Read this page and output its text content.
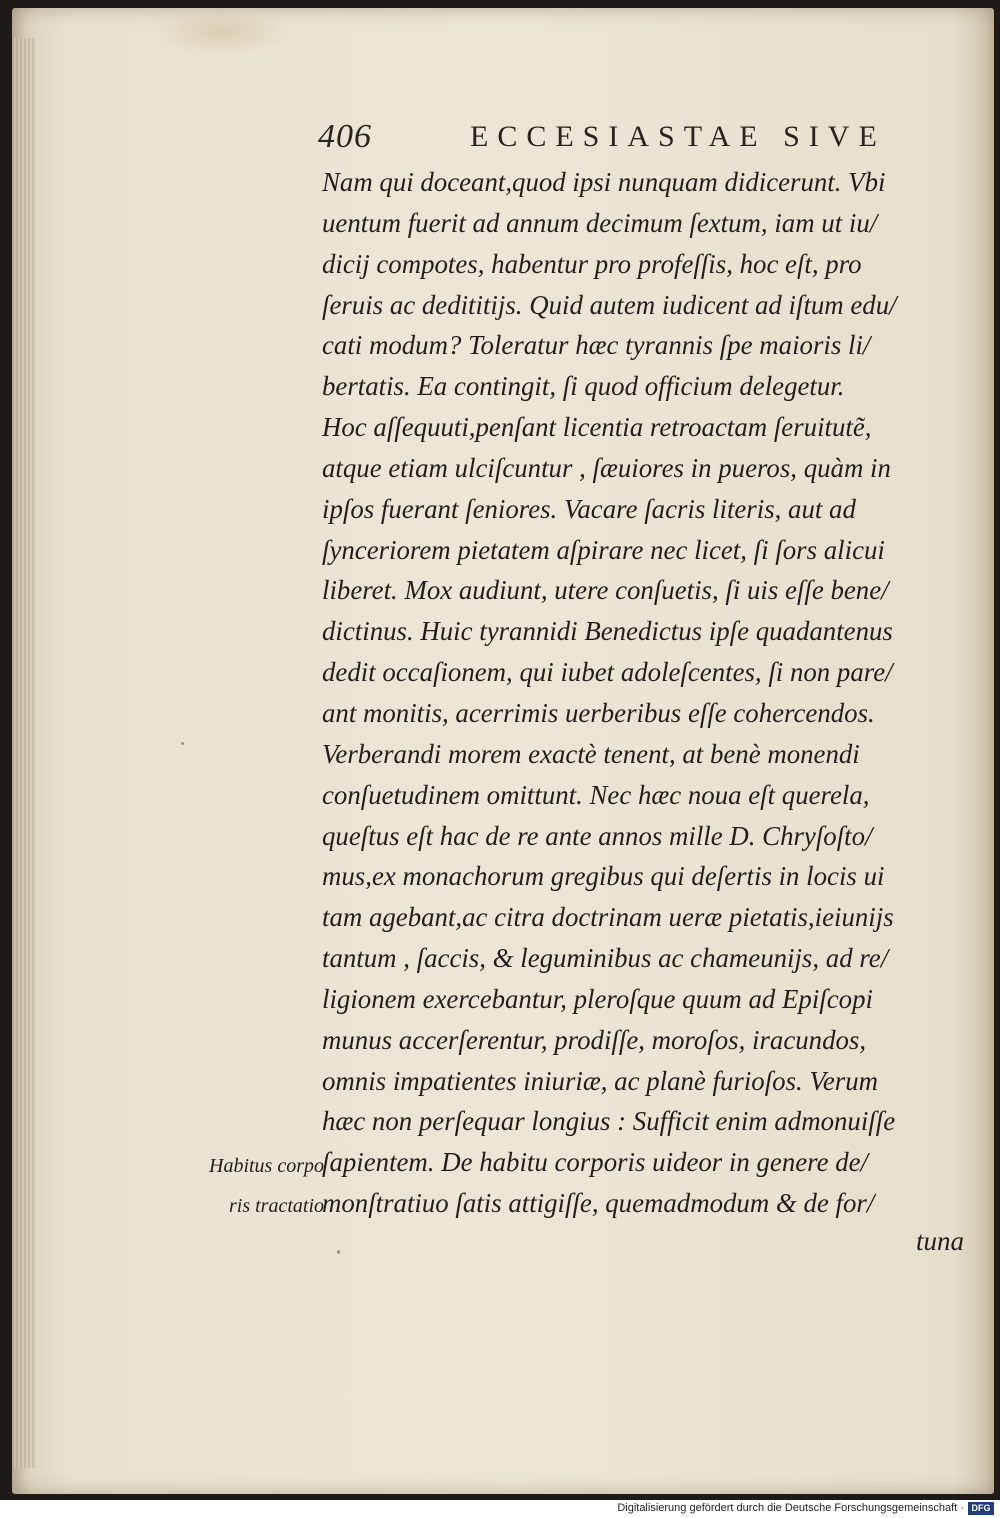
406	ECCESIASTAE SIVE
Nam qui doceant,quod ipsi nunquam didicerunt. Vbi
uentum fuerit ad annum decimum ſextum, iam ut iu/
dicij compotes, habentur pro profeſſis, hoc eſt, pro
ſeruis ac dedititijs. Quid autem iudicent ad iſtum edu/
cati modum? Toleratur hæc tyrannis ſpe maioris li/
bertatis. Ea contingit, ſi quod officium delegetur.
Hoc aſſequuti,penſant licentia retroactam ſeruitutẽ,
atque etiam ulciſcuntur , ſæuiores in pueros, quàm in
ipſos fuerant ſeniores. Vacare ſacris literis, aut ad
ſynceriorem pietatem aſpirare nec licet, ſi ſors alicui
liberet. Mox audiunt, utere conſuetis, ſi uis eſſe bene/
dictinus. Huic tyrannidi Benedictus ipſe quadantenus
dedit occaſionem, qui iubet adoleſcentes, ſi non pare/
ant monitis, acerrimis uerberibus eſſe cohercendos.
Verberandi morem exactè tenent, at benè monendi
conſuetudinem omittunt. Nec hæc noua eſt querela,
queſtus eſt hac de re ante annos mille D. Chryſoſto/
mus,ex monachorum gregibus qui deſertis in locis ui
tam agebant,ac citra doctrinam ueræ pietatis,ieiunijs
tantum , ſaccis, & leguminibus ac chameunijs, ad re/
ligionem exercebantur, pleroſque quum ad Epiſcopi
munus accerſerentur, prodiſſe, moroſos, iracundos,
omnis impatientes iniuriæ, ac planè furioſos. Verum
hæc non perſequar longius : Sufficit enim admonuiſſe
ſapientem. De habitu corporis uideor in genere de/
monſtratiuo ſatis attigiſſe, quemadmodum & de for/
Habitus corpo
ris tractatio
tuna
Digitalisierung gefördert durch die Deutsche Forschungsgemeinschaft · DFG
